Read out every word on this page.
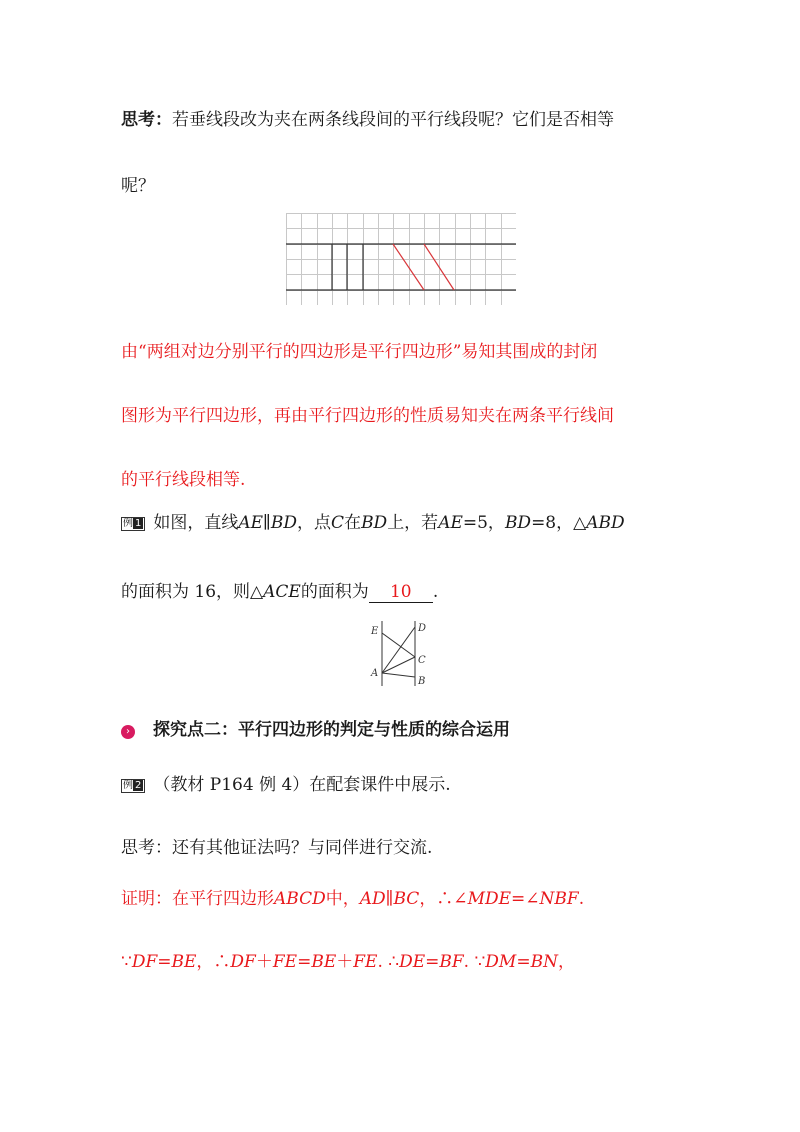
思考：若垂线段改为夹在两条线段间的平行线段呢？它们是否相等
呢？
由“两组对边分别平行的四边形是平行四边形”易知其围成的封闭
图形为平行四边形，再由平行四边形的性质易知夹在两条平行线间
的平行线段相等.
例 1 如图，直线AE∥BD，点C在BD上，若AE=5，BD=8，△ABD
的面积为 16，则△ACE的面积为 10 .
E	D
C
A
B
› 探究点二：平行四边形的判定与性质的综合运用
例 2 （教材 P164 例 4）在配套课件中展示.
思考：还有其他证法吗？与同伴进行交流.
证明：在平行四边形ABCD中，AD∥BC，∴∠MDE=∠NBF.
∵DF=BE，∴DF＋FE=BE＋FE. ∴DE=BF. ∵DM=BN，
